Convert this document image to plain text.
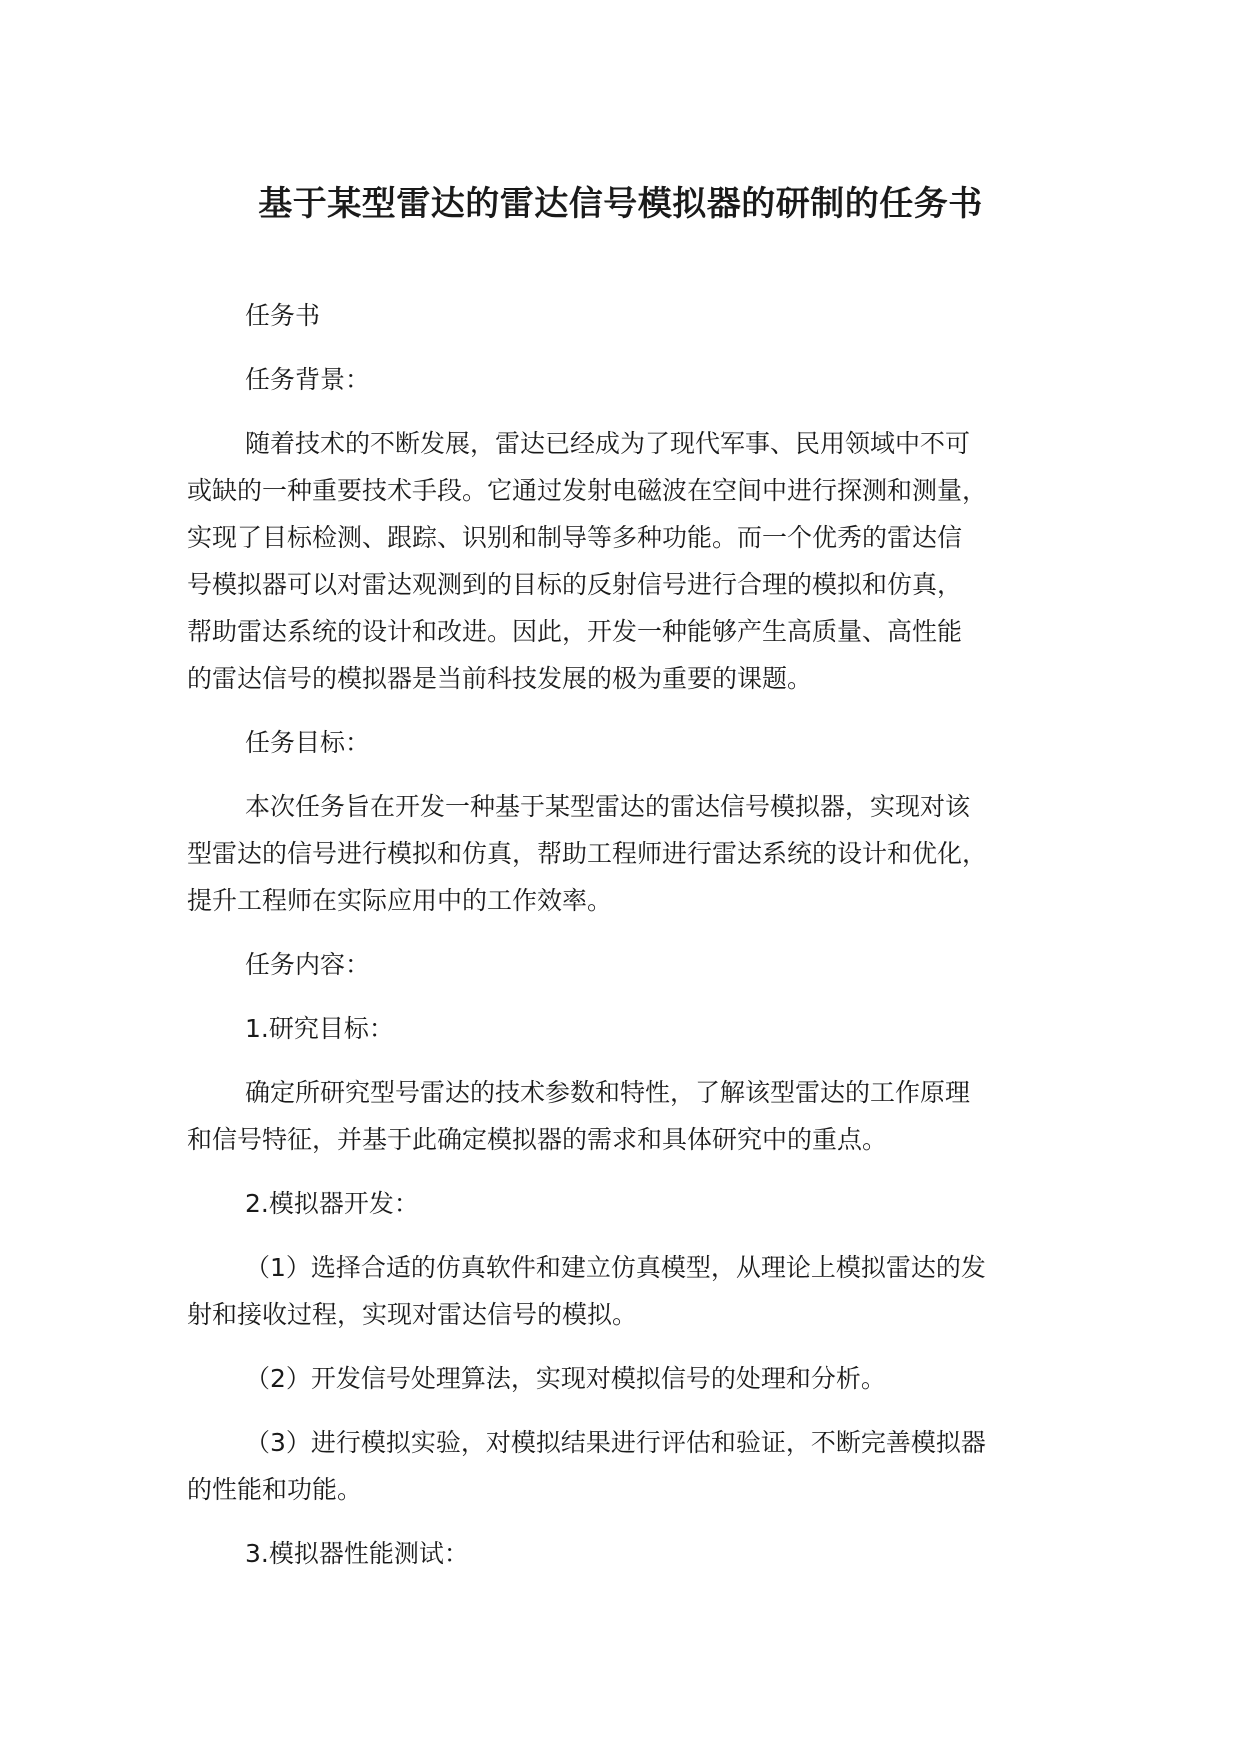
基于某型雷达的雷达信号模拟器的研制的任务书

任务书

任务背景：

随着技术的不断发展，雷达已经成为了现代军事、民用领域中不可
或缺的一种重要技术手段。它通过发射电磁波在空间中进行探测和测量，
实现了目标检测、跟踪、识别和制导等多种功能。而一个优秀的雷达信
号模拟器可以对雷达观测到的目标的反射信号进行合理的模拟和仿真，
帮助雷达系统的设计和改进。因此，开发一种能够产生高质量、高性能
的雷达信号的模拟器是当前科技发展的极为重要的课题。

任务目标：

本次任务旨在开发一种基于某型雷达的雷达信号模拟器，实现对该
型雷达的信号进行模拟和仿真，帮助工程师进行雷达系统的设计和优化，
提升工程师在实际应用中的工作效率。

任务内容：

1.研究目标：

确定所研究型号雷达的技术参数和特性，了解该型雷达的工作原理
和信号特征，并基于此确定模拟器的需求和具体研究中的重点。

2.模拟器开发：

（1）选择合适的仿真软件和建立仿真模型，从理论上模拟雷达的发
射和接收过程，实现对雷达信号的模拟。

（2）开发信号处理算法，实现对模拟信号的处理和分析。

（3）进行模拟实验，对模拟结果进行评估和验证，不断完善模拟器
的性能和功能。

3.模拟器性能测试：
